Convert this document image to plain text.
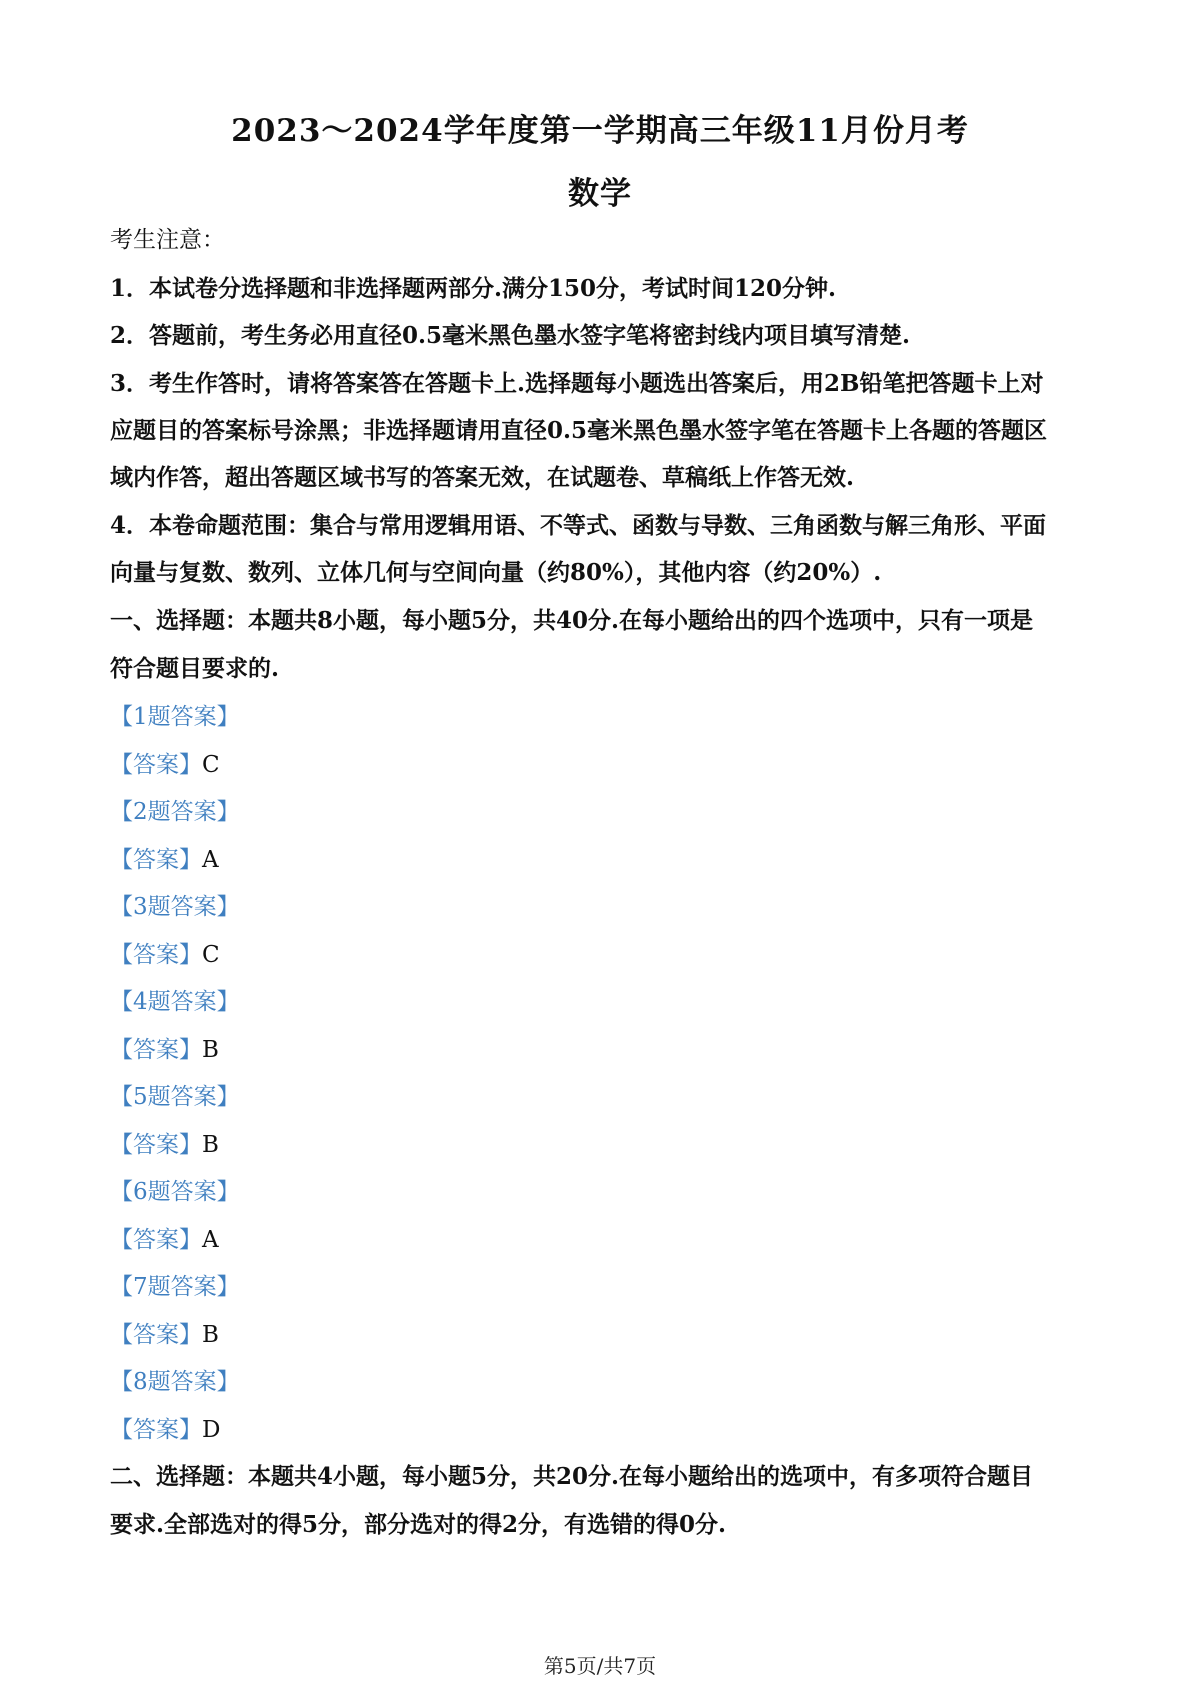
2023～2024学年度第一学期高三年级11月份月考
数学
考生注意：
1．本试卷分选择题和非选择题两部分.满分150分，考试时间120分钟.
2．答题前，考生务必用直径0.5毫米黑色墨水签字笔将密封线内项目填写清楚.
3．考生作答时，请将答案答在答题卡上.选择题每小题选出答案后，用2B铅笔把答题卡上对
应题目的答案标号涂黑；非选择题请用直径0.5毫米黑色墨水签字笔在答题卡上各题的答题区
域内作答，超出答题区域书写的答案无效，在试题卷、草稿纸上作答无效.
4．本卷命题范围：集合与常用逻辑用语、不等式、函数与导数、三角函数与解三角形、平面
向量与复数、数列、立体几何与空间向量（约80%），其他内容（约20%）.
一、选择题：本题共8小题，每小题5分，共40分.在每小题给出的四个选项中，只有一项是
符合题目要求的.
【1题答案】
【答案】C
【2题答案】
【答案】A
【3题答案】
【答案】C
【4题答案】
【答案】B
【5题答案】
【答案】B
【6题答案】
【答案】A
【7题答案】
【答案】B
【8题答案】
【答案】D
二、选择题：本题共4小题，每小题5分，共20分.在每小题给出的选项中，有多项符合题目
要求.全部选对的得5分，部分选对的得2分，有选错的得0分.
第5页/共7页
